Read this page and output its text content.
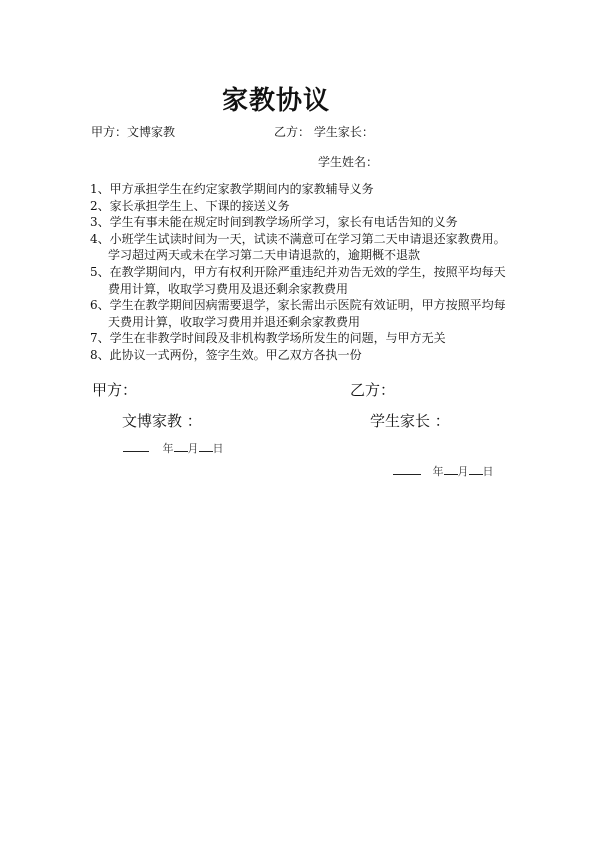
家教协议
甲方：文博家教	乙方： 学生家长：
学生姓名：
1、甲方承担学生在约定家教学期间内的家教辅导义务
2、家长承担学生上、下课的接送义务
3、学生有事未能在规定时间到教学场所学习，家长有电话告知的义务
4、小班学生试读时间为一天，试读不满意可在学习第二天申请退还家教费用。
学习超过两天或未在学习第二天申请退款的，逾期概不退款
5、在教学期间内，甲方有权利开除严重违纪并劝告无效的学生，按照平均每天
费用计算，收取学习费用及退还剩余家教费用
6、学生在教学期间因病需要退学，家长需出示医院有效证明，甲方按照平均每
天费用计算，收取学习费用并退还剩余家教费用
7、学生在非教学时间段及非机构教学场所发生的问题，与甲方无关
8、此协议一式两份，签字生效。甲乙双方各执一份
甲方：	乙方：
文博家教 ：	学生家长 ：
年 月 日
年 月 日
